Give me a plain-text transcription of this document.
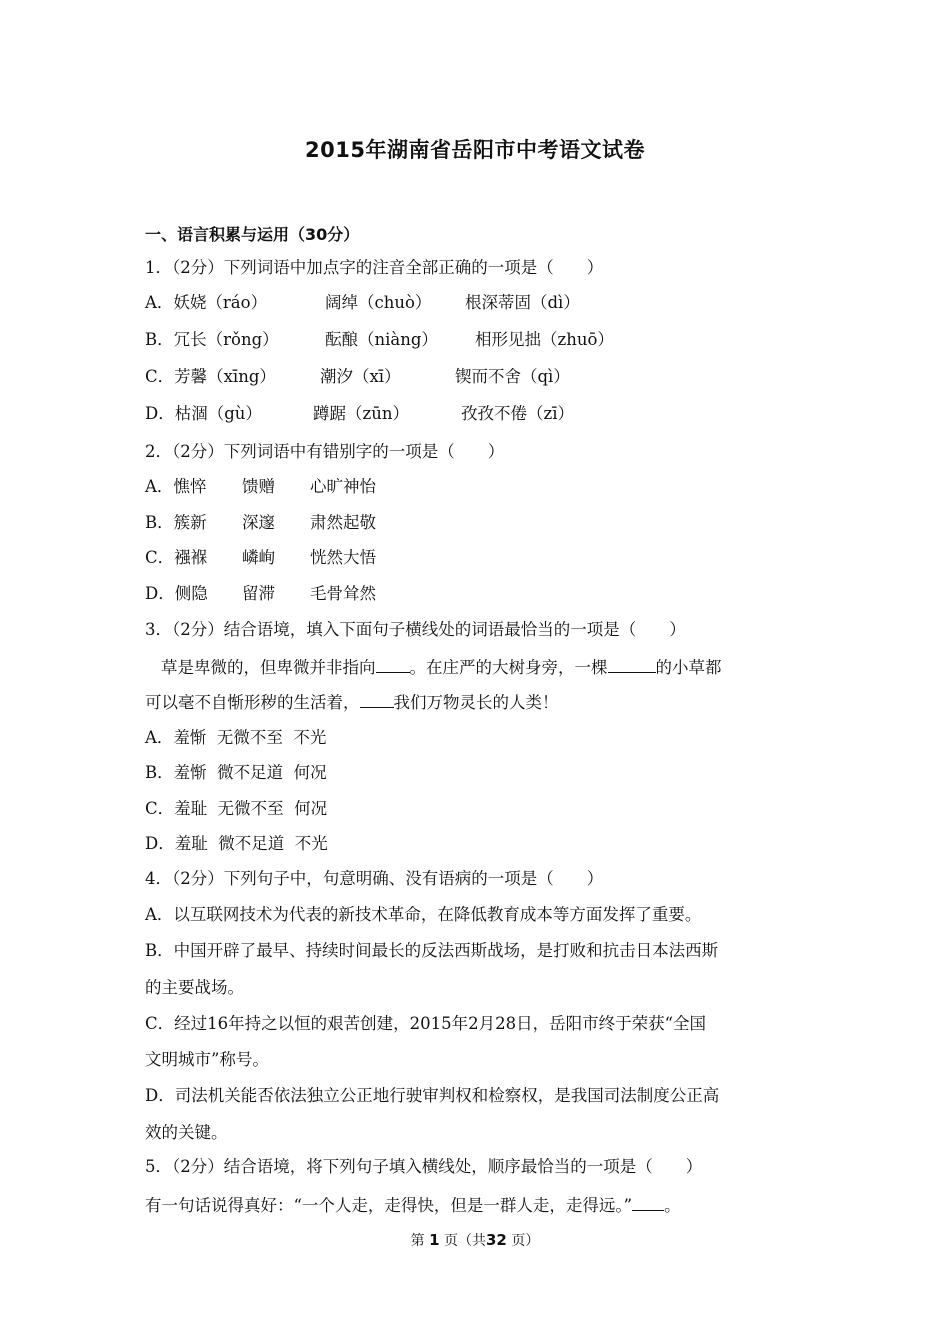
2015年湖南省岳阳市中考语文试卷
一、语言积累与运用（30分）
1．（2分）下列词语中加点字的注音全部正确的一项是（　　）
A．妖娆（ráo）	阔绰（chuò） 根深蒂固（dì）
B．冗长（rǒng）	酝酿（niàng） 相形见拙（zhuō）
C．芳馨（xīng）	潮汐（xī）	锲而不舍（qì）
D．枯涸（gù）	蹲踞（zūn）	孜孜不倦（zī）
2．（2分）下列词语中有错别字的一项是（　　）
A．憔悴 馈赠 心旷神怡
B．簇新 深邃 肃然起敬
C．襁褓 嶙峋 恍然大悟
D．侧隐 留滞 毛骨耸然
3．（2分）结合语境，填入下面句子横线处的词语最恰当的一项是（　　）
草是卑微的，但卑微并非指向 。在庄严的大树身旁，一棵	的小草都
可以毫不自惭形秽的生活着， 我们万物灵长的人类！
A．羞惭  无微不至  不光
B．羞惭  微不足道  何况
C．羞耻  无微不至  何况
D．羞耻  微不足道  不光
4．（2分）下列句子中，句意明确、没有语病的一项是（　　）
A．以互联网技术为代表的新技术革命，在降低教育成本等方面发挥了重要。
B．中国开辟了最早、持续时间最长的反法西斯战场，是打败和抗击日本法西斯
的主要战场。
C．经过16年持之以恒的艰苦创建，2015年2月28日，岳阳市终于荣获“全国
文明城市”称号。
D．司法机关能否依法独立公正地行驶审判权和检察权，是我国司法制度公正高
效的关键。
5．（2分）结合语境，将下列句子填入横线处，顺序最恰当的一项是（　　）
有一句话说得真好：“一个人走，走得快，但是一群人走，走得远。” 。
第 1 页（共32 页）
